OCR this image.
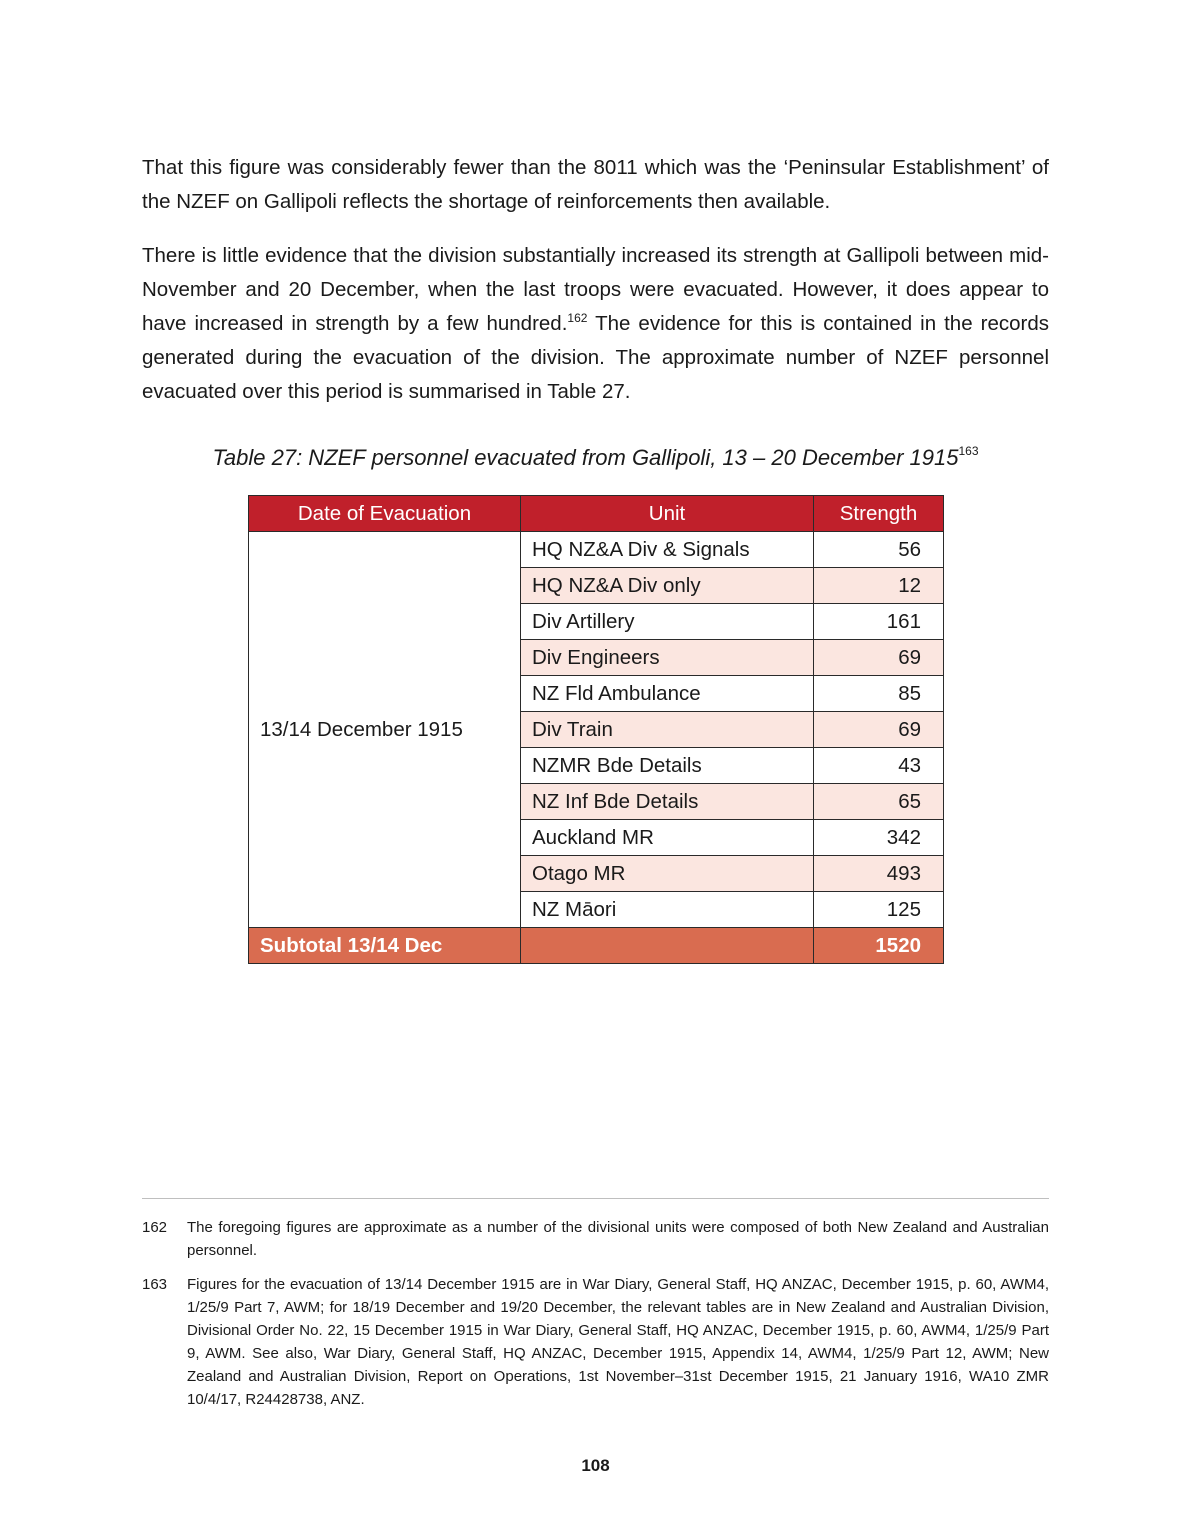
That this figure was considerably fewer than the 8011 which was the ‘Peninsular Establishment’ of the NZEF on Gallipoli reflects the shortage of reinforcements then available.

There is little evidence that the division substantially increased its strength at Gallipoli between mid-November and 20 December, when the last troops were evacuated. However, it does appear to have increased in strength by a few hundred.$^{162}$ The evidence for this is contained in the records generated during the evacuation of the division. The approximate number of NZEF personnel evacuated over this period is summarised in Table 27.

Table 27: NZEF personnel evacuated from Gallipoli, 13 – 20 December 1915$^{163}$

Date of Evacuation	Unit	Strength
13/14 December 1915	HQ NZ&A Div & Signals	56
	HQ NZ&A Div only	12
	Div Artillery	161
	Div Engineers	69
	NZ Fld Ambulance	85
	Div Train	69
	NZMR Bde Details	43
	NZ Inf Bde Details	65
	Auckland MR	342
	Otago MR	493
	NZ Māori	125
Subtotal 13/14 Dec		1520

162 The foregoing figures are approximate as a number of the divisional units were composed of both New Zealand and Australian personnel.

163 Figures for the evacuation of 13/14 December 1915 are in War Diary, General Staff, HQ ANZAC, December 1915, p. 60, AWM4, 1/25/9 Part 7, AWM; for 18/19 December and 19/20 December, the relevant tables are in New Zealand and Australian Division, Divisional Order No. 22, 15 December 1915 in War Diary, General Staff, HQ ANZAC, December 1915, p. 60, AWM4, 1/25/9 Part 9, AWM. See also, War Diary, General Staff, HQ ANZAC, December 1915, Appendix 14, AWM4, 1/25/9 Part 12, AWM; New Zealand and Australian Division, Report on Operations, 1st November–31st December 1915, 21 January 1916, WA10 ZMR 10/4/17, R24428738, ANZ.

108
